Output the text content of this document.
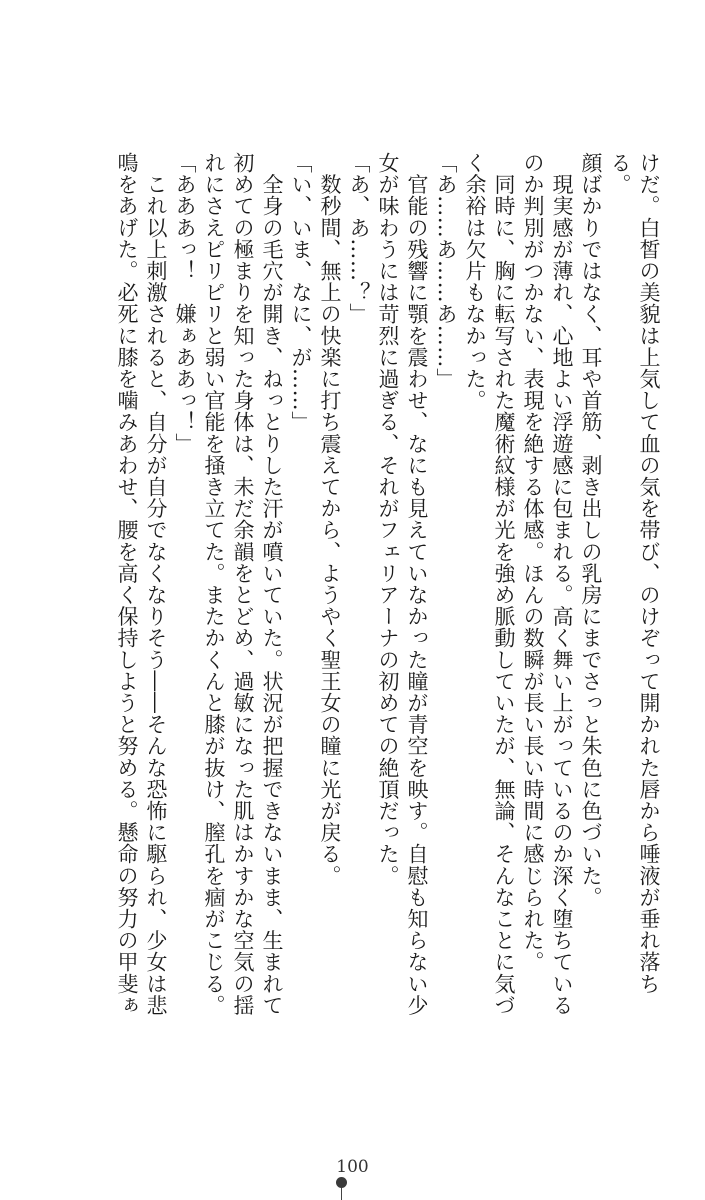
けだ。白皙の美貌は上気して血の気を帯び、のけぞって開かれた唇から唾液が垂れ落ちる。

顔ばかりではなく、耳や首筋、剥き出しの乳房にまでさっと朱色に色づいた。

　現実感が薄れ、心地よい浮遊感に包まれる。高く舞い上がっているのか深く堕ちている

のか判別がつかない、表現を絶する体感。ほんの数瞬が長い長い時間に感じられた。

　同時に、胸に転写された魔術紋様が光を強め脈動していたが、無論、そんなことに気づ

く余裕は欠片もなかった。

「あ……あ……あ……」

　官能の残響に顎を震わせ、なにも見えていなかった瞳が青空を映す。自慰も知らない少

女が味わうには苛烈に過ぎる、それがフェリアーナの初めての絶頂だった。

「あ、あ……？」

　数秒間、無上の快楽に打ち震えてから、ようやく聖王女の瞳に光が戻る。

「い、いま、なに、が……」

　全身の毛穴が開き、ねっとりした汗が噴いていた。状況が把握できないまま、生まれて

初めての極まりを知った身体は、未だ余韻をとどめ、過敏になった肌はかすかな空気の揺

れにさえピリピリと弱い官能を掻き立てた。またかくんと膝が抜け、膣孔を痼がこじる。

「あああっ！　嫌ぁああっ！」

　これ以上刺激されると、自分が自分でなくなりそう――そんな恐怖に駆られ、少女は悲

鳴をあげた。必死に膝を噛みあわせ、腰を高く保持しようと努める。懸命の努力の甲斐ぁ

100
